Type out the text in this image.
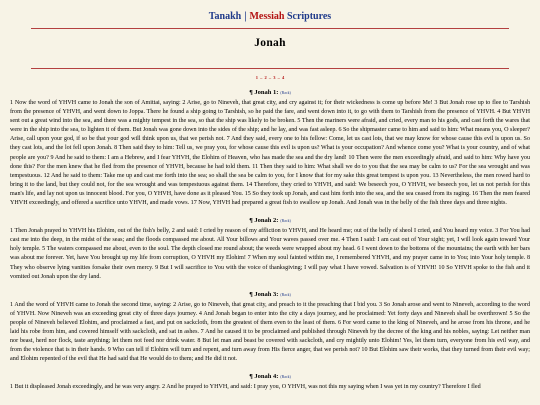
Tanakh | Messiah Scriptures
Jonah
1 – 2 – 3 – 4
¶ Jonah 1: (Back)

1 Now the word of YHVH came to Jonah the son of Amittai, saying: 2 Arise, go to Nineveh, that great city, and cry against it; for their wickedness is come up before Me! 3 But Jonah rose up to flee to Tarshish from the presence of YHVH, and went down to Joppa. There he found a ship going to Tarshish, so he paid the fare, and went down into it, to go with them to Tarshish from the presence of YHVH. 4 But YHVH sent out a great wind into the sea, and there was a mighty tempest in the sea, so that the ship was likely to be broken. 5 Then the mariners were afraid, and cried, every man to his gods, and cast forth the wares that were in the ship into the sea, to lighten it of them. But Jonah was gone down into the sides of the ship; and he lay, and was fast asleep. 6 So the shipmaster came to him and said to him: What means you, O sleeper? Arise, call upon your god, if so be that your god will think upon us, that we perish not. 7 And they said, every one to his fellow: Come, let us cast lots, that we may know for whose cause this evil is upon us. So they cast lots, and the lot fell upon Jonah. 8 Then said they to him: Tell us, we pray you, for whose cause this evil is upon us? What is your occupation? And whence come you? What is your country, and of what people are you? 9 And he said to them: I am a Hebrew, and I fear YHVH, the Elohim of Heaven, who has made the sea and the dry land! 10 Then were the men exceedingly afraid, and said to him: Why have you done this? For the men knew that he fled from the presence of YHVH, because he had told them. 11 Then they said to him: What shall we do to you that the sea may be calm to us? For the sea wrought and was tempestuous. 12 And he said to them: Take me up and cast me forth into the sea; so shall the sea be calm to you, for I know that for my sake this great tempest is upon you. 13 Nevertheless, the men rowed hard to bring it to the land, but they could not, for the sea wrought and was tempestuous against them. 14 Therefore, they cried to YHVH, and said: We beseech you, O YHVH, we beseech you, let us not perish for this man's life, and lay not upon us innocent blood. For you, O YHVH, have done as it pleased You. 15 So they took up Jonah, and cast him forth into the sea, and the sea ceased from its raging. 16 Then the men feared YHVH exceedingly, and offered a sacrifice unto YHVH, and made vows. 17 Now, YHVH had prepared a great fish to swallow up Jonah. And Jonah was in the belly of the fish three days and three nights.

¶ Jonah 2: (Back)

1 Then Jonah prayed to YHVH his Elohim, out of the fish's belly, 2 and said: I cried by reason of my affliction to YHVH, and He heard me; out of the belly of sheol I cried, and You heard my voice. 3 For You had cast me into the deep, in the midst of the seas; and the floods compassed me about. All Your billows and Your waves passed over me. 4 Then I said: I am cast out of Your sight; yet, I will look again toward Your holy temple. 5 The waters compassed me about, even to the soul. The depth closed me round about; the weeds were wrapped about my head. 6 I went down to the bottoms of the mountains; the earth with her bars was about me forever. Yet, have You brought up my life from corruption, O YHVH my Elohim! 7 When my soul fainted within me, I remembered YHVH, and my prayer came in to You; into Your holy temple. 8 They who observe lying vanities forsake their own mercy. 9 But I will sacrifice to You with the voice of thanksgiving; I will pay what I have vowed. Salvation is of YHVH! 10 So YHVH spoke to the fish and it vomited out Jonah upon the dry land.

¶ Jonah 3: (Back)

1 And the word of YHVH came to Jonah the second time, saying: 2 Arise, go to Nineveh, that great city, and preach to it the preaching that I bid you. 3 So Jonah arose and went to Nineveh, according to the word of YHVH. Now Nineveh was an exceeding great city of three days journey. 4 And Jonah began to enter into the city a days journey, and he proclaimed: Yet forty days and Nineveh shall be overthrown! 5 So the people of Nineveh believed Elohim, and proclaimed a fast, and put on sackcloth, from the greatest of them even to the least of them. 6 For word came to the king of Nineveh, and he arose from his throne, and he laid his robe from him, and covered himself with sackcloth, and sat in ashes. 7 And he caused it to be proclaimed and published through Nineveh by the decree of the king and his nobles, saying: Let neither man nor beast, herd nor flock, taste anything; let them not feed nor drink water. 8 But let man and beast be covered with sackcloth, and cry mightily unto Elohim! Yes, let them turn, everyone from his evil way, and from the violence that is in their hands. 9 Who can tell if Elohim will turn and repent, and turn away from His fierce anger, that we perish not? 10 But Elohim saw their works, that they turned from their evil way; and Elohim repented of the evil that He had said that He would do to them; and He did it not.

¶ Jonah 4: (Back)

1 But it displeased Jonah exceedingly, and he was very angry. 2 And he prayed to YHVH, and said: I pray you, O YHVH, was not this my saying when I was yet in my country? Therefore I fled
